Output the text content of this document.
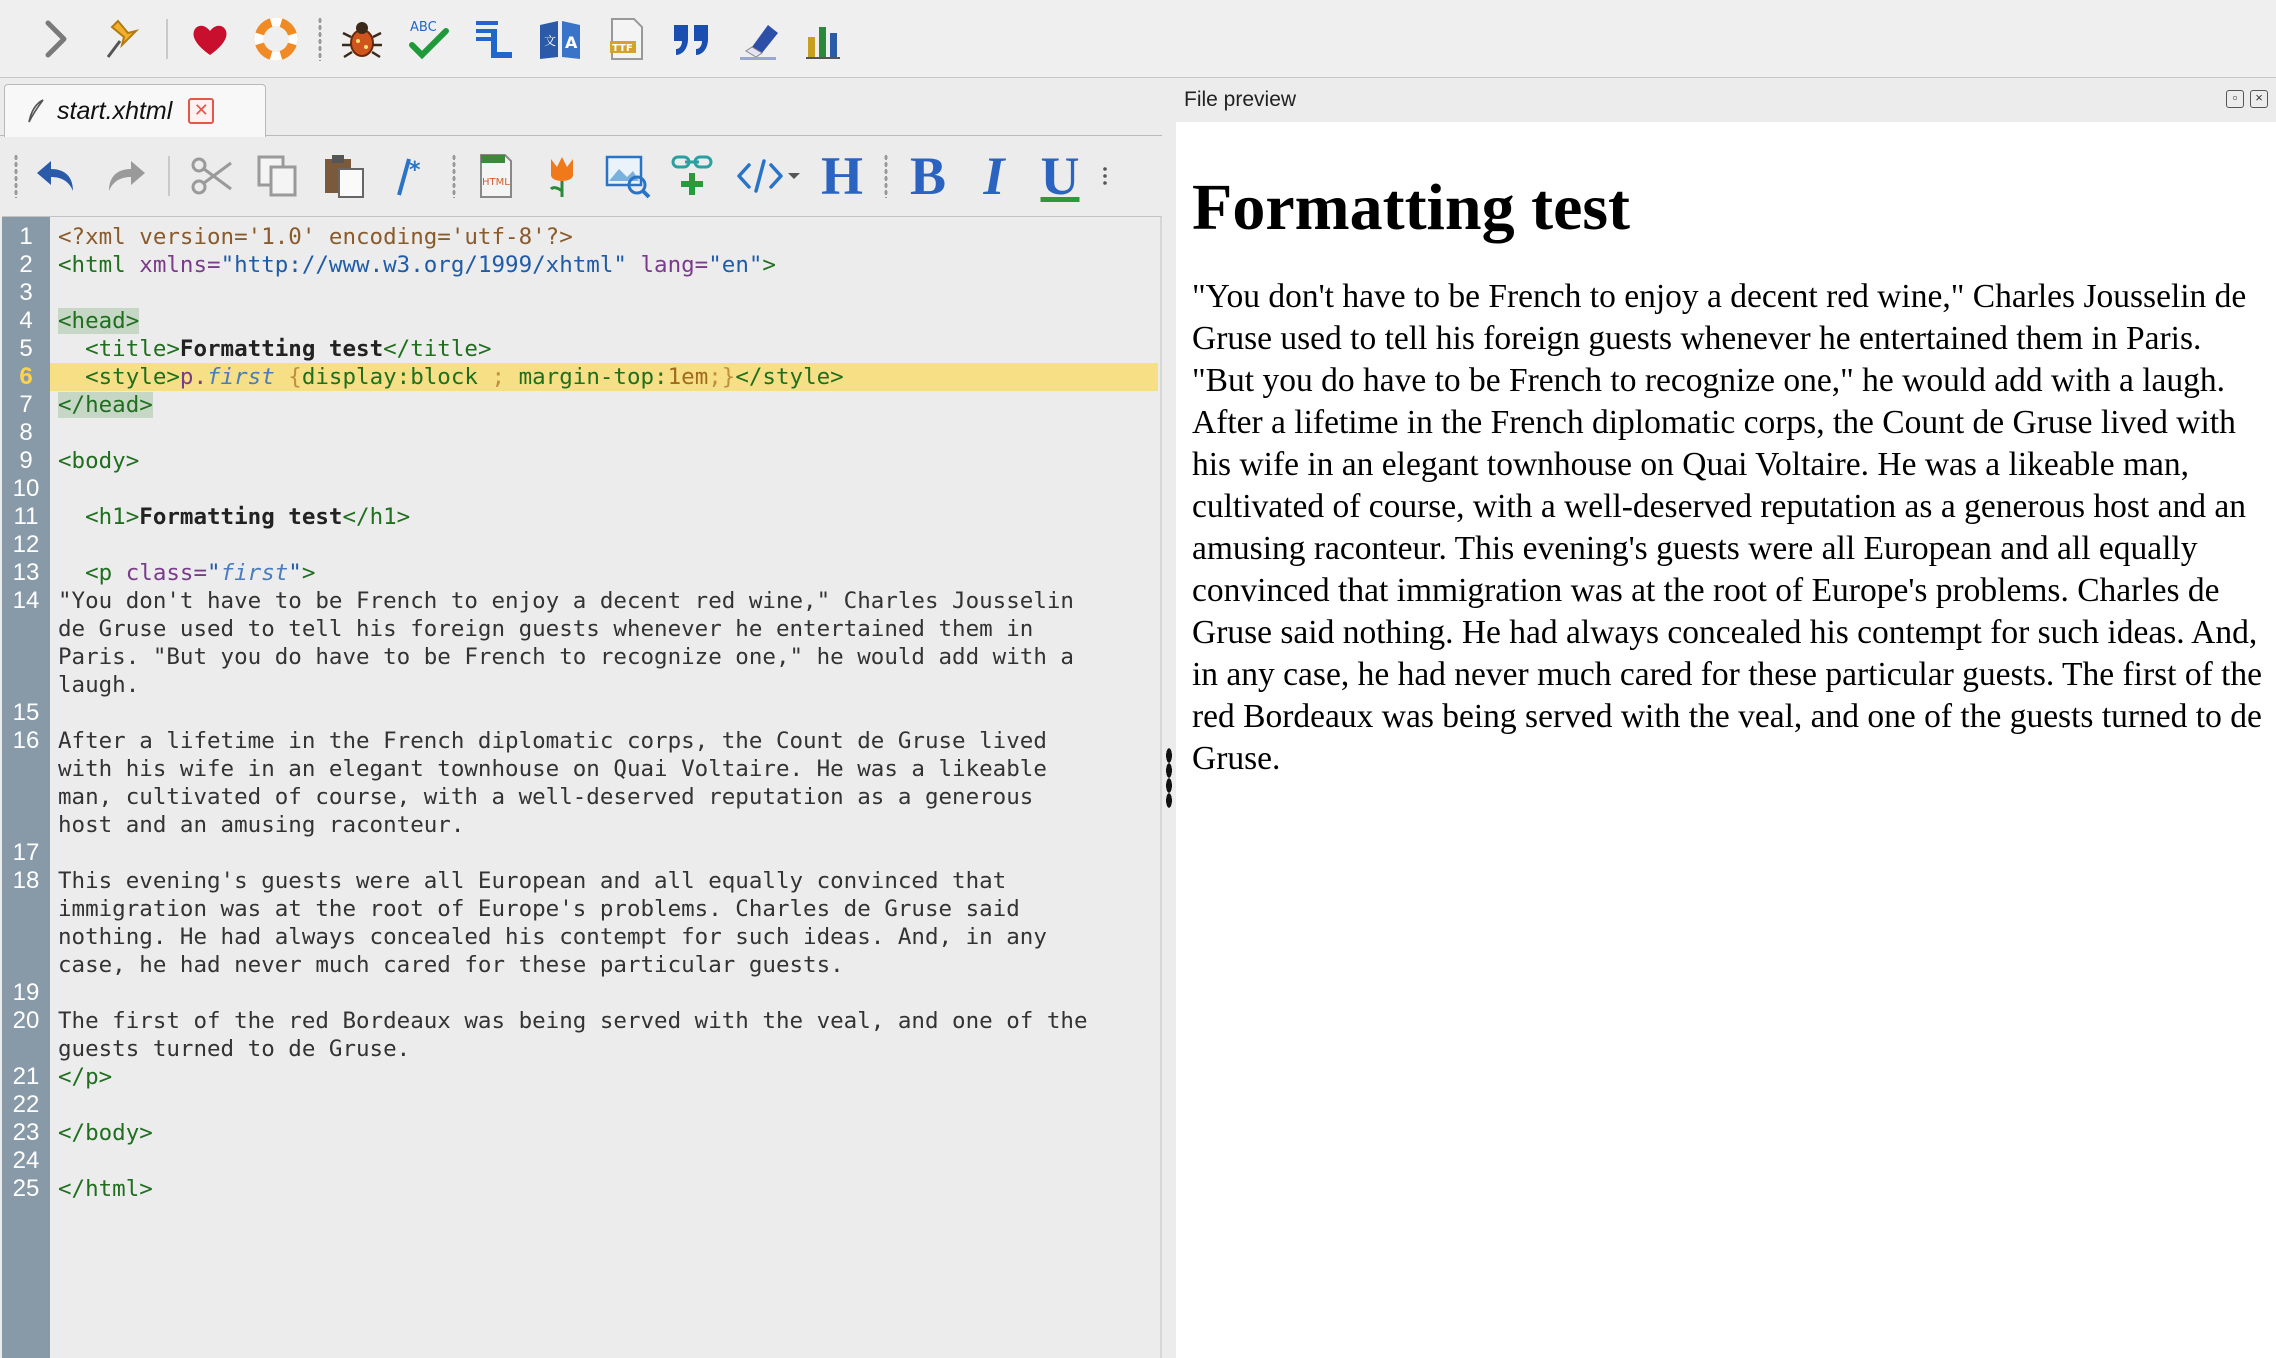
ABC
A
文
TTF
start.xhtml	✕
*	HTML	H B I U
1	<?xml version='1.0' encoding='utf-8'?>
2	<html xmlns="http://www.w3.org/1999/xhtml" lang="en">
3
4	<head>
5	<title>Formatting test</title>
6	<style>p.first {display:block ; margin-top:1em;}</style>
7	</head>
8
9	<body>
10
11	<h1>Formatting test</h1>
12
13	<p class="first">
14 "You don't have to be French to enjoy a decent red wine," Charles Jousselin
de Gruse used to tell his foreign guests whenever he entertained them in
Paris. "But you do have to be French to recognize one," he would add with a
laugh.
15
16 After a lifetime in the French diplomatic corps, the Count de Gruse lived
with his wife in an elegant townhouse on Quai Voltaire. He was a likeable
man, cultivated of course, with a well-deserved reputation as a generous
host and an amusing raconteur.
17
18 This evening's guests were all European and all equally convinced that
immigration was at the root of Europe's problems. Charles de Gruse said
nothing. He had always concealed his contempt for such ideas. And, in any
case, he had never much cared for these particular guests.
19
20 The first of the red Bordeaux was being served with the veal, and one of the
guests turned to de Gruse.
21 </p>
22
23 </body>
24
25 </html>
File preview	▫	×
Formatting test

"You don't have to be French to enjoy a decent red wine," Charles Jousselin de Gruse used to tell his foreign guests whenever he entertained them in Paris. "But you do have to be French to recognize one," he would add with a laugh. After a lifetime in the French diplomatic corps, the Count de Gruse lived with his wife in an elegant townhouse on Quai Voltaire. He was a likeable man, cultivated of course, with a well-deserved reputation as a generous host and an amusing raconteur. This evening's guests were all European and all equally convinced that immigration was at the root of Europe's problems. Charles de Gruse said nothing. He had always concealed his contempt for such ideas. And, in any case, he had never much cared for these particular guests. The first of the red Bordeaux was being served with the veal, and one of the guests turned to de Gruse.
